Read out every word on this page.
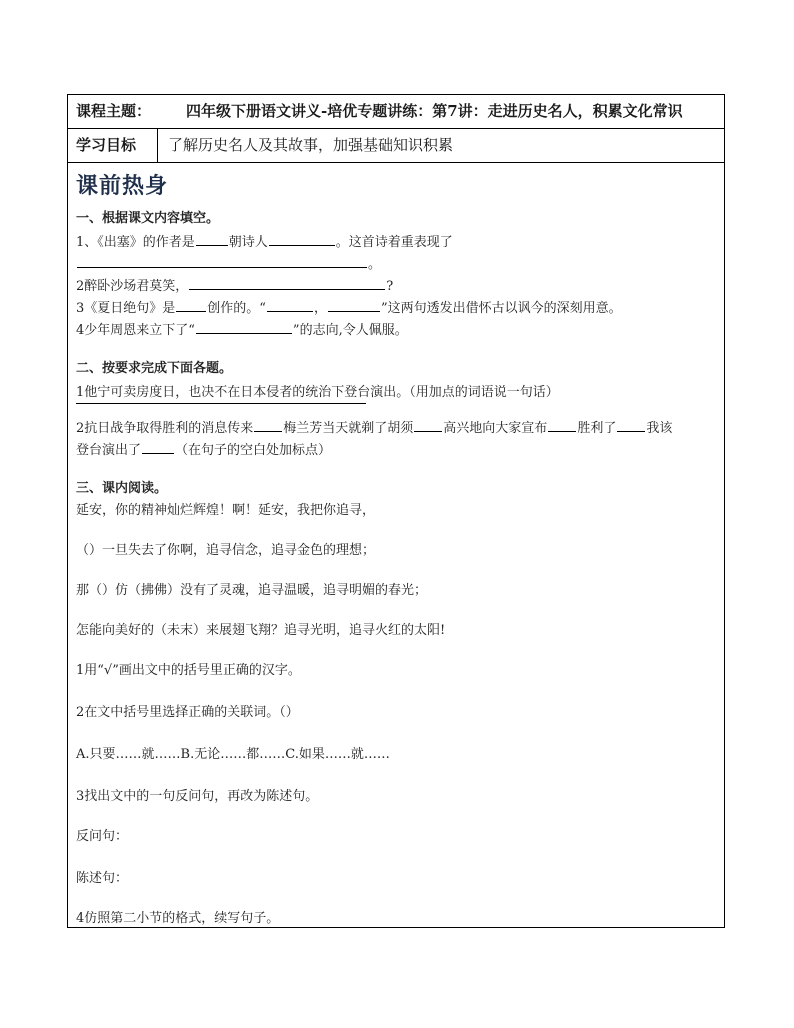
课程主题： 四年级下册语文讲义-培优专题讲练：第7讲：走进历史名人，积累文化常识
学习目标	了解历史名人及其故事，加强基础知识积累
课前热身
一、根据课文内容填空。
1、《出塞》的作者是	朝诗人	。这首诗着重表现了
。
2醉卧沙场君莫笑，	?
3《夏日绝句》是 创作的。“	，	”这两句透发出借怀古以讽今的深刻用意。
4少年周恩来立下了“	”的志向,令人佩服。
二、按要求完成下面各题。
1他宁可卖房度日，也决不在日本侵者的统治下登台演出。（用加点的词语说一句话）
2抗日战争取得胜利的消息传来 梅兰芳当天就剃了胡须 高兴地向大家宣布 胜利了 我该
登台演出了	（在句子的空白处加标点）
三、课内阅读。
延安，你的精神灿烂辉煌！啊！延安，我把你追寻，
（）一旦失去了你啊，追寻信念，追寻金色的理想；
那（）仿（拂佛）没有了灵魂，追寻温暖，追寻明媚的春光；
怎能向美好的（未末）来展翅飞翔？追寻光明，追寻火红的太阳!
1用“√”画出文中的括号里正确的汉字。
2在文中括号里选择正确的关联词。（）
A.只要……就……B.无论……都……C.如果……就……
3找出文中的一句反问句，再改为陈述句。
反问句：
陈述句：
4仿照第二小节的格式，续写句子。
